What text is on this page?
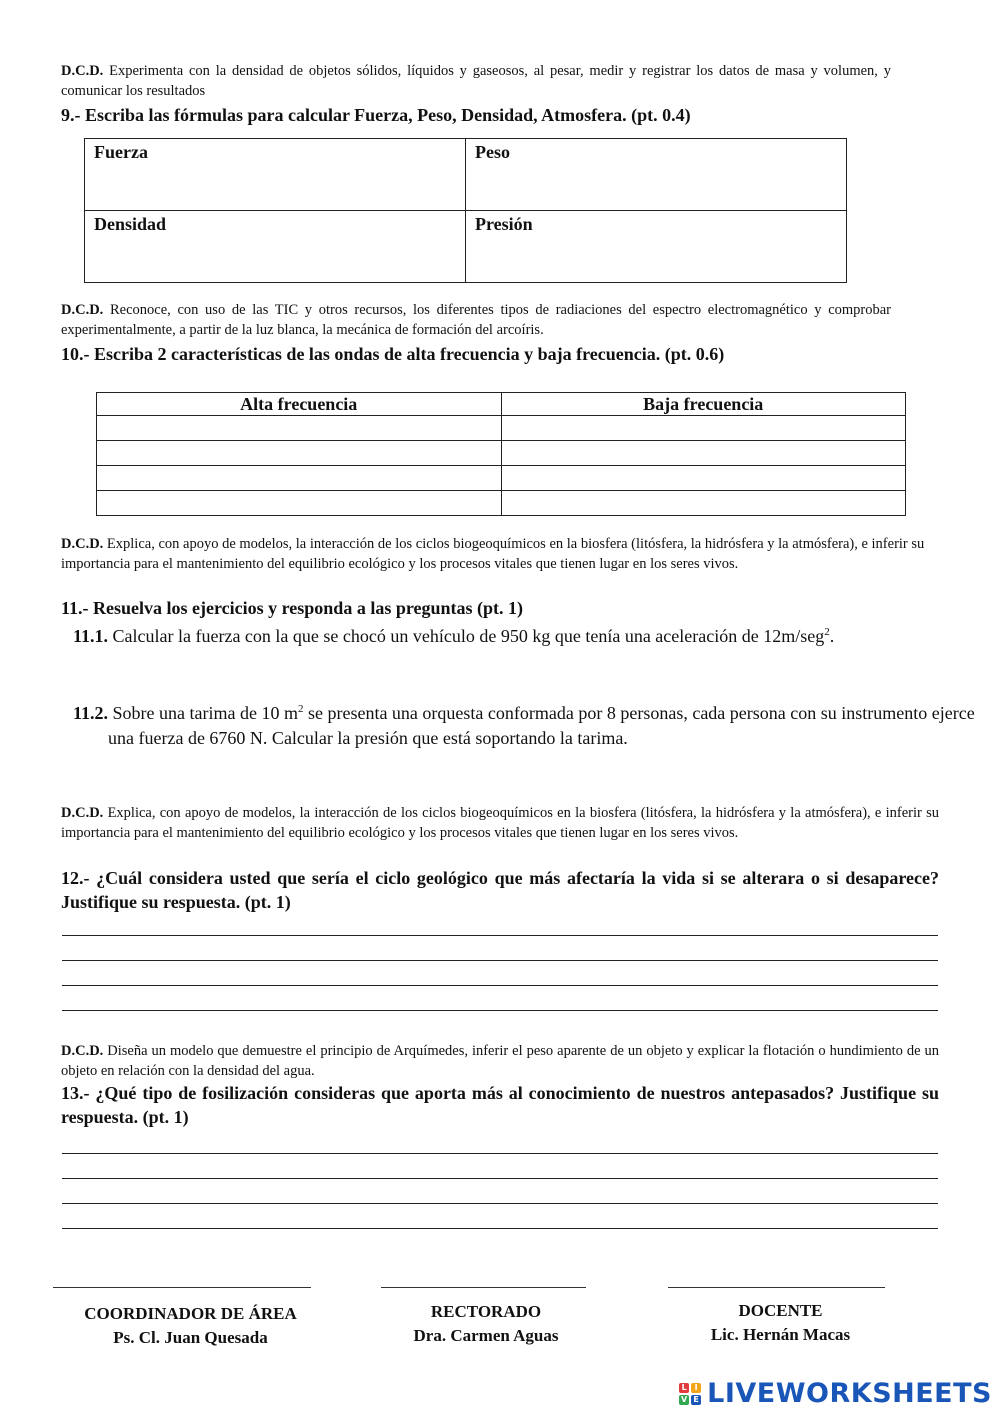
D.C.D. Experimenta con la densidad de objetos sólidos, líquidos y gaseosos, al pesar, medir y registrar los datos de masa y volumen, y comunicar los resultados
9.- Escriba las fórmulas para calcular Fuerza, Peso, Densidad, Atmosfera. (pt. 0.4)
Fuerza	Peso
Densidad	Presión
D.C.D. Reconoce, con uso de las TIC y otros recursos, los diferentes tipos de radiaciones del espectro electromagnético y comprobar experimentalmente, a partir de la luz blanca, la mecánica de formación del arcoíris.
10.- Escriba 2 características de las ondas de alta frecuencia y baja frecuencia. (pt. 0.6)
Alta frecuencia	Baja frecuencia

D.C.D. Explica, con apoyo de modelos, la interacción de los ciclos biogeoquímicos en la biosfera (litósfera, la hidrósfera y la atmósfera), e inferir su importancia para el mantenimiento del equilibrio ecológico y los procesos vitales que tienen lugar en los seres vivos.
11.- Resuelva los ejercicios y responda a las preguntas (pt. 1)
11.1. Calcular la fuerza con la que se chocó un vehículo de 950 kg que tenía una aceleración de 12m/seg$^2$.
11.2. Sobre una tarima de 10 $m^2$ se presenta una orquesta conformada por 8 personas, cada persona con su instrumento ejerce una fuerza de 6760 N. Calcular la presión que está soportando la tarima.
D.C.D. Explica, con apoyo de modelos, la interacción de los ciclos biogeoquímicos en la biosfera (litósfera, la hidrósfera y la atmósfera), e inferir su importancia para el mantenimiento del equilibrio ecológico y los procesos vitales que tienen lugar en los seres vivos.
12.- ¿Cuál considera usted que sería el ciclo geológico que más afectaría la vida si se alterara o si desaparece? Justifique su respuesta. (pt. 1)
D.C.D. Diseña un modelo que demuestre el principio de Arquímedes, inferir el peso aparente de un objeto y explicar la flotación o hundimiento de un objeto en relación con la densidad del agua.
13.- ¿Qué tipo de fosilización consideras que aporta más al conocimiento de nuestros antepasados? Justifique su respuesta. (pt. 1)
COORDINADOR DE ÁREA
Ps. Cl. Juan Quesada
RECTORADO
Dra. Carmen Aguas
DOCENTE
Lic. Hernán Macas
L I
V E LIVEWORKSHEETS
